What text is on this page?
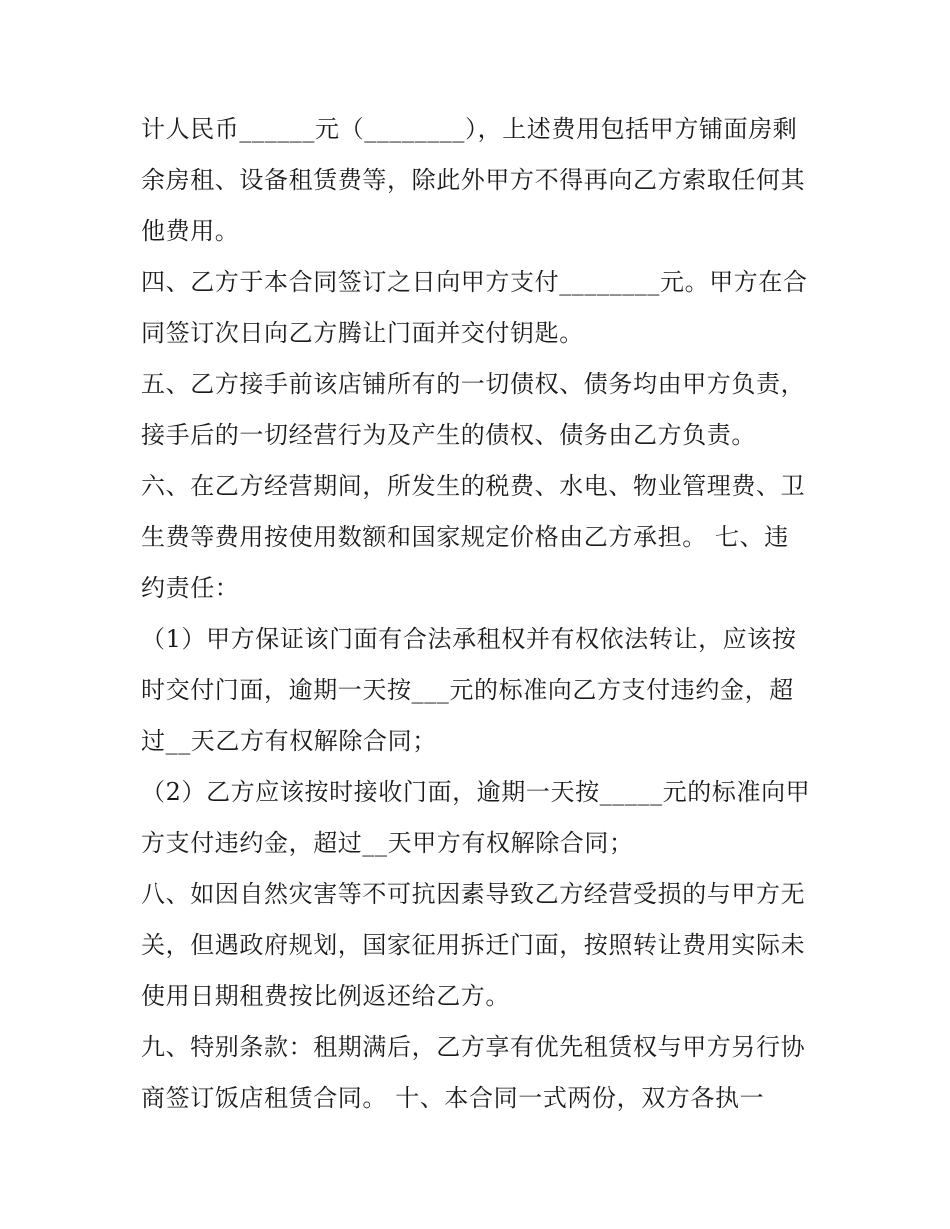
计人民币______元（________），上述费用包括甲方铺面房剩
余房租、设备租赁费等，除此外甲方不得再向乙方索取任何其
他费用。
四、乙方于本合同签订之日向甲方支付________元。甲方在合
同签订次日向乙方腾让门面并交付钥匙。
五、乙方接手前该店铺所有的一切债权、债务均由甲方负责，
接手后的一切经营行为及产生的债权、债务由乙方负责。
六、在乙方经营期间，所发生的税费、水电、物业管理费、卫
生费等费用按使用数额和国家规定价格由乙方承担。 七、违
约责任：
（1）甲方保证该门面有合法承租权并有权依法转让，应该按
时交付门面，逾期一天按___元的标准向乙方支付违约金，超
过__天乙方有权解除合同；
（2）乙方应该按时接收门面，逾期一天按_____元的标准向甲
方支付违约金，超过__天甲方有权解除合同；
八、如因自然灾害等不可抗因素导致乙方经营受损的与甲方无
关，但遇政府规划，国家征用拆迁门面，按照转让费用实际未
使用日期租费按比例返还给乙方。
九、特别条款：租期满后，乙方享有优先租赁权与甲方另行协
商签订饭店租赁合同。 十、本合同一式两份，双方各执一
